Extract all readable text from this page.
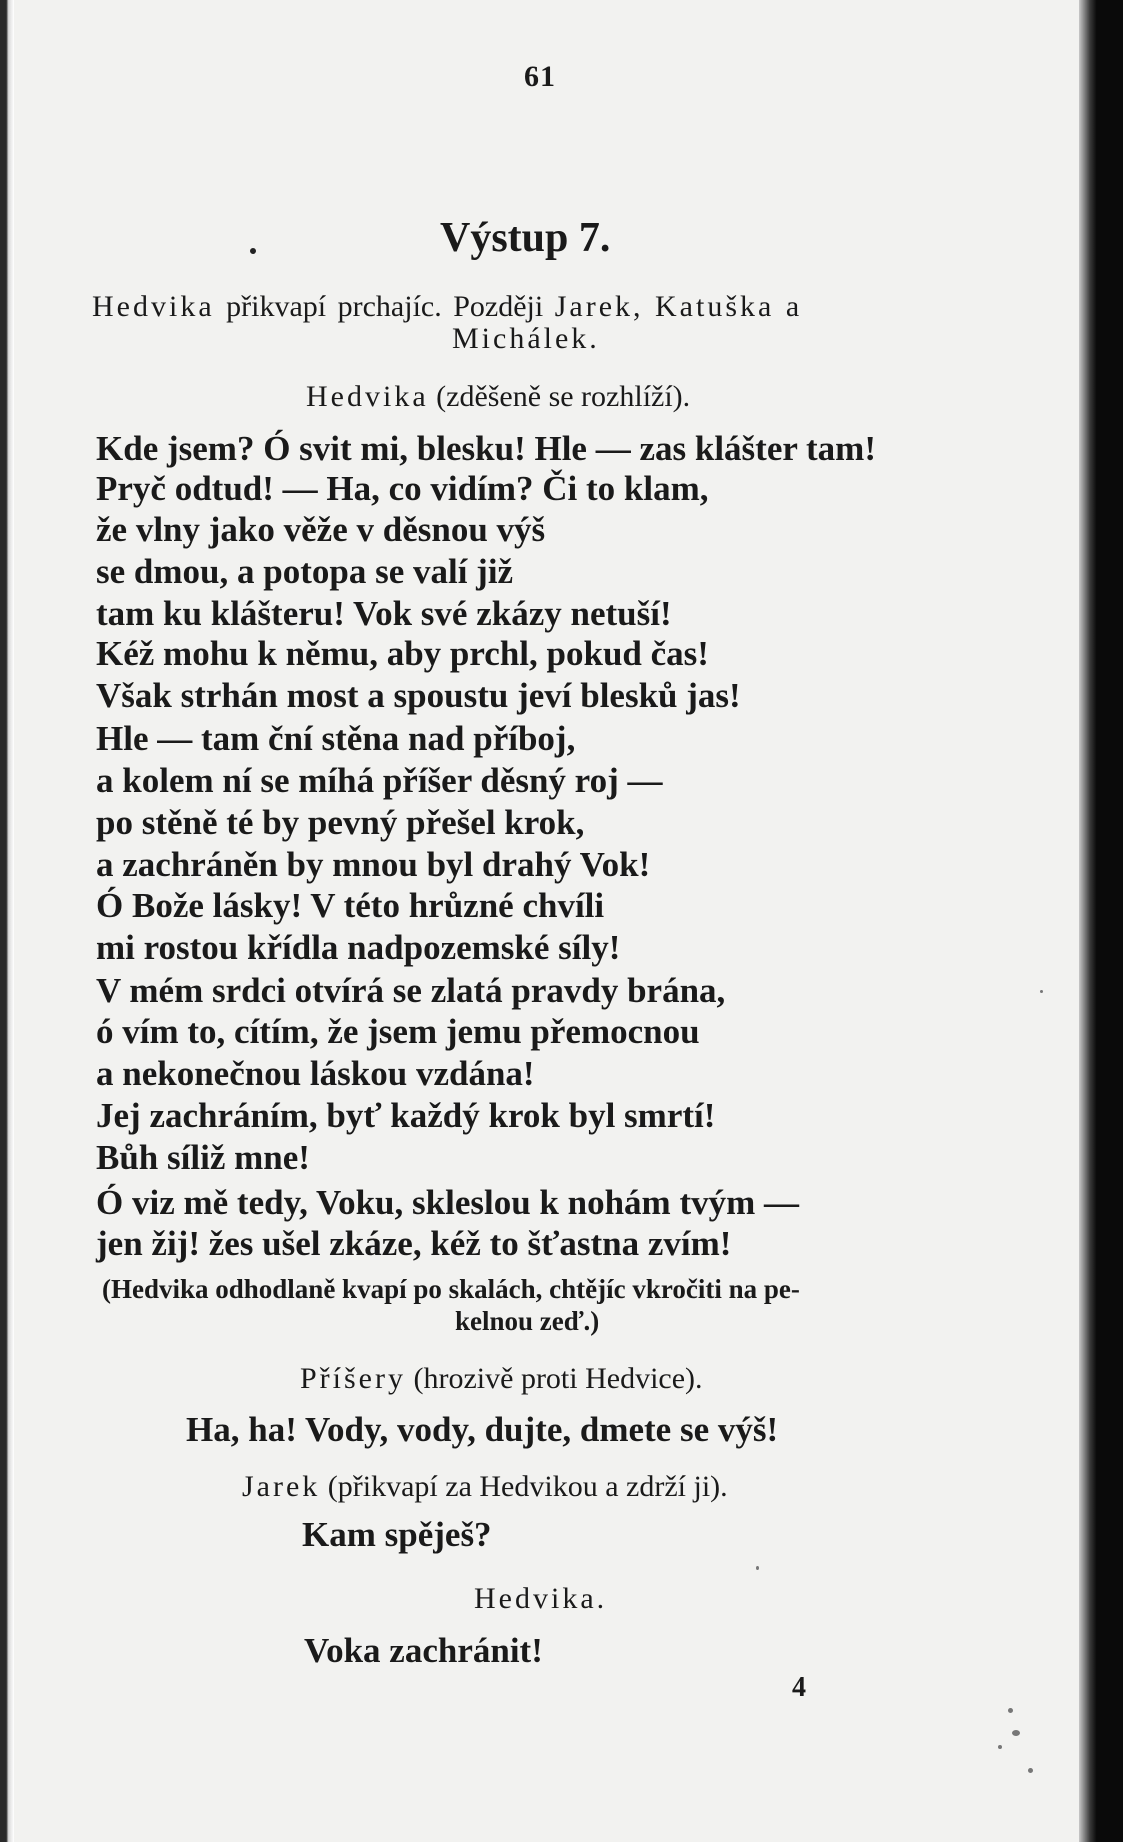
61
Výstup 7.
Hedvika přikvapí prchajíc. Později Jarek, Katuška a
Michálek.
Hedvika (zděšeně se rozhlíží).
Kde jsem? Ó svit mi, blesku! Hle — zas klášter tam!
Pryč odtud! — Ha, co vidím? Či to klam,
že vlny jako věže v děsnou výš
se dmou, a potopa se valí již
tam ku klášteru! Vok své zkázy netuší!
Kéž mohu k němu, aby prchl, pokud čas!
Však strhán most a spoustu jeví blesků jas!
Hle — tam ční stěna nad příboj,
a kolem ní se míhá příšer děsný roj —
po stěně té by pevný přešel krok,
a zachráněn by mnou byl drahý Vok!
Ó Bože lásky! V této hrůzné chvíli
mi rostou křídla nadpozemské síly!
V mém srdci otvírá se zlatá pravdy brána,
ó vím to, cítím, že jsem jemu přemocnou
a nekonečnou láskou vzdána!
Jej zachráním, byť každý krok byl smrtí!
Bůh síliž mne!
Ó viz mě tedy, Voku, skleslou k nohám tvým —
jen žij! žes ušel zkáze, kéž to šťastna zvím!
(Hedvika odhodlaně kvapí po skalách, chtějíc vkročiti na pe-
kelnou zeď.)
Příšery (hrozivě proti Hedvice).
Ha, ha! Vody, vody, dujte, dmete se výš!
Jarek (přikvapí za Hedvikou a zdrží ji).
Kam spěješ?
Hedvika.
Voka zachránit!
4
